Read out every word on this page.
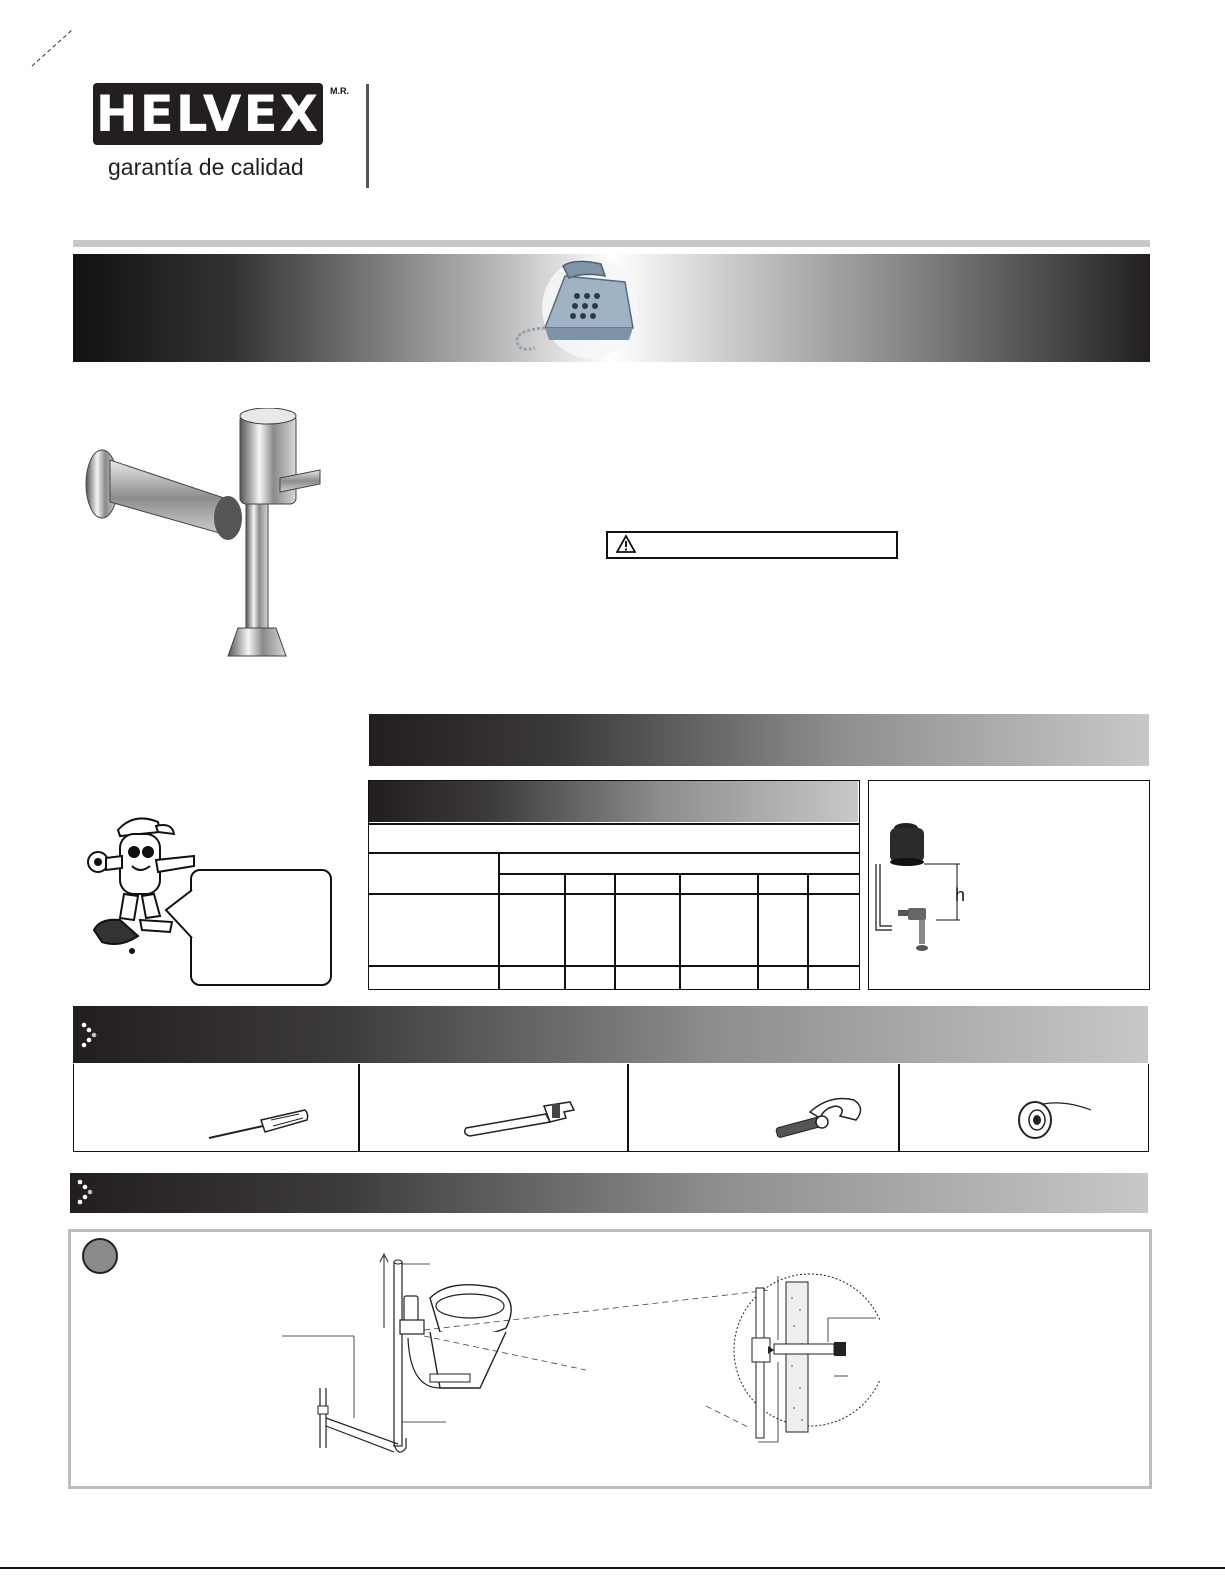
HELVEX	M.R.
garantía de calidad
h
